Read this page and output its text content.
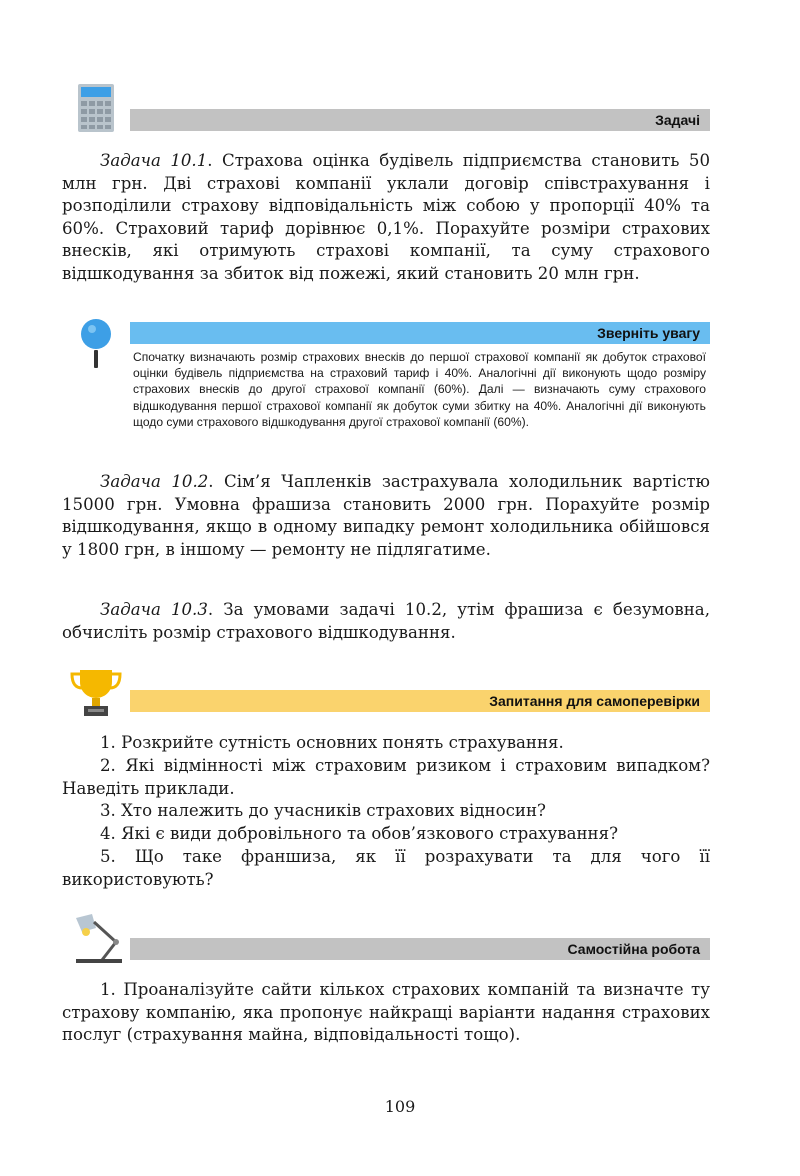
Задачі

Задача 10.1. Страхова оцінка будівель підприємства становить 50 млн грн. Дві страхові компанії уклали договір співстрахування і розподілили страхову відповідальність між собою у пропорції 40% та 60%. Страховий тариф дорівнює 0,1%. Порахуйте розміри страхових внесків, які отримують страхові компанії, та суму страхового відшкодування за збиток від пожежі, який становить 20 млн грн.

Зверніть увагу

Спочатку визначають розмір страхових внесків до першої страхової компанії як добуток страхової оцінки будівель підприємства на страховий тариф і 40%. Аналогічні дії виконують щодо розміру страхових внесків до другої страхової компанії (60%). Далі — визначають суму страхового відшкодування першої страхової компанії як добуток суми збитку на 40%. Аналогічні дії виконують щодо суми страхового відшкодування другої страхової компанії (60%).

Задача 10.2. Сім’я Чапленків застрахувала холодильник вартістю 15000 грн. Умовна фрашиза становить 2000 грн. Порахуйте розмір відшкодування, якщо в одному випадку ремонт холодильника обійшовся у 1800 грн, в іншому — ремонту не підлягатиме.

Задача 10.3. За умовами задачі 10.2, утім фрашиза є безумовна, обчисліть розмір страхового відшкодування.

Запитання для самоперевірки

1. Розкрийте сутність основних понять страхування.

2. Які відмінності між страховим ризиком і страховим випадком? Наведіть приклади.

3. Хто належить до учасників страхових відносин?

4. Які є види добровільного та обов’язкового страхування?

5. Що таке франшиза, як її розрахувати та для чого її використовують?

Самостійна робота

1. Проаналізуйте сайти кількох страхових компаній та визначте ту страхову компанію, яка пропонує найкращі варіанти надання страхових послуг (страхування майна, відповідальності тощо).

109
